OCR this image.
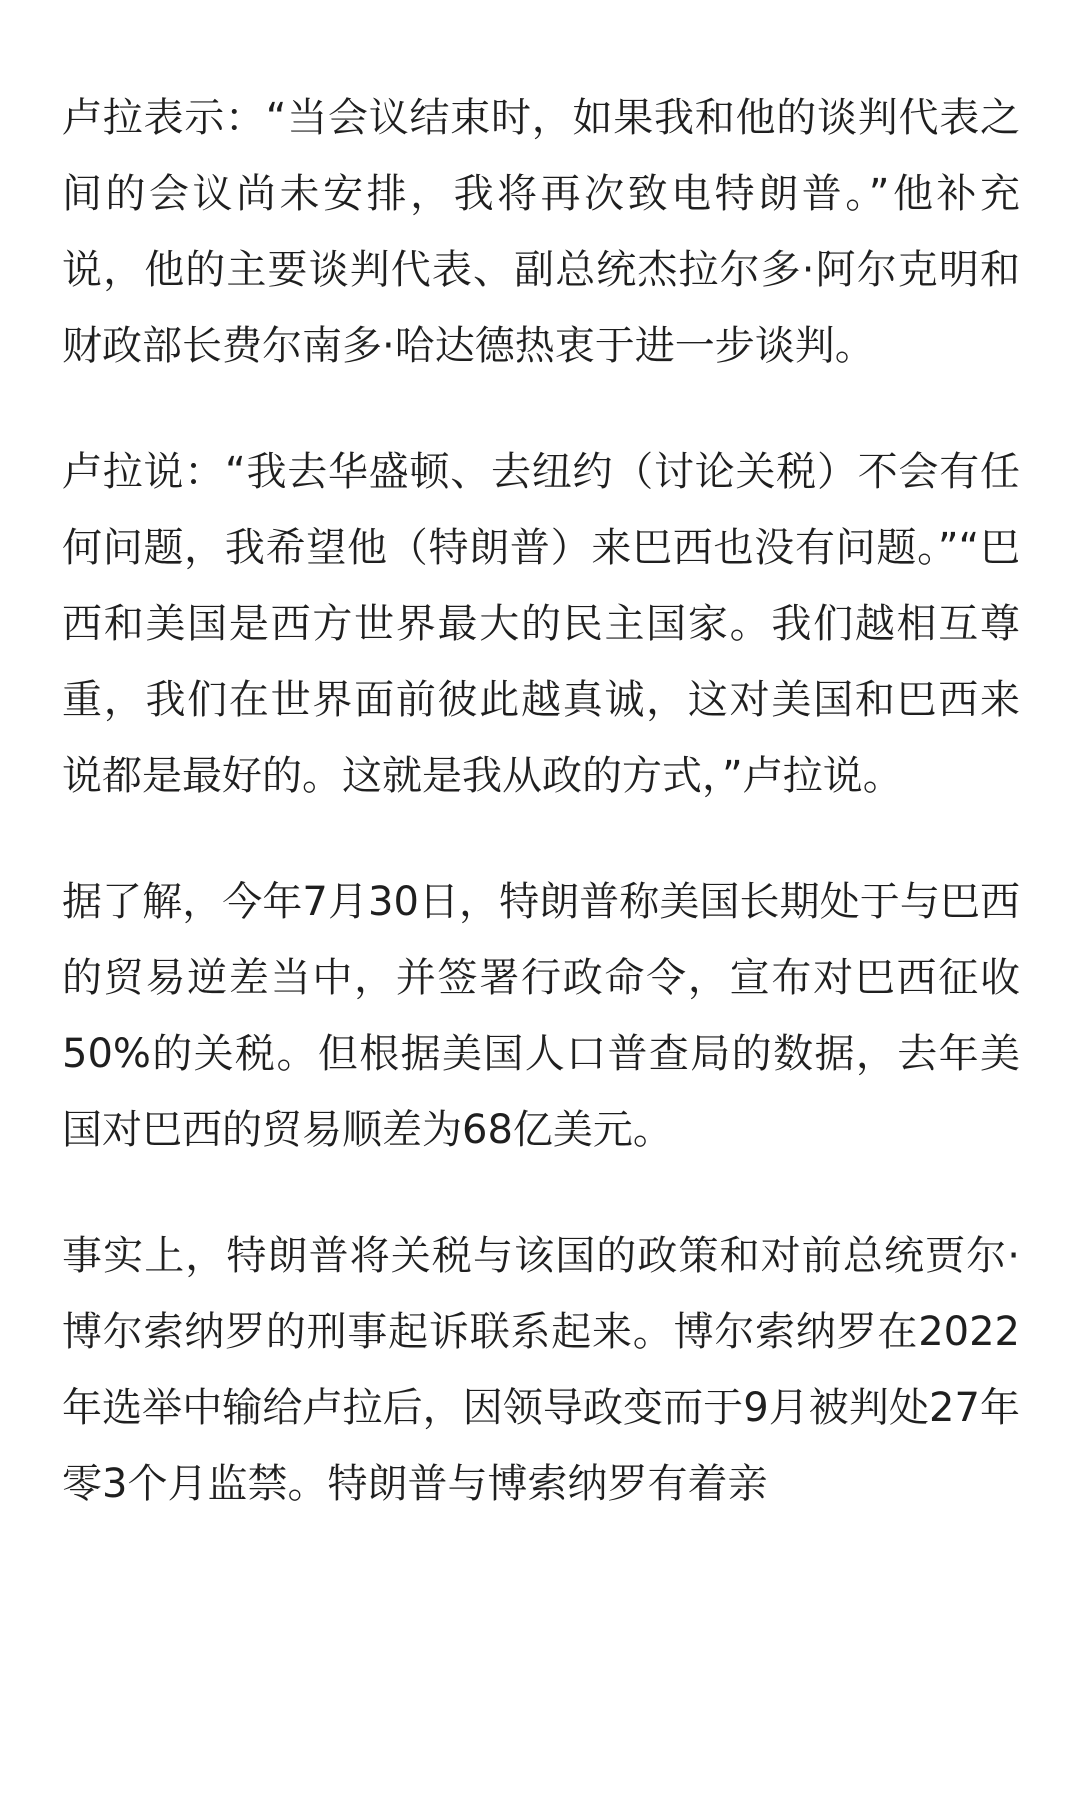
卢拉表示：“当会议结束时，如果我和他的谈判代表之间的会议尚未安排，我将再次致电特朗普。”他补充说，他的主要谈判代表、副总统杰拉尔多·阿尔克明和财政部长费尔南多·哈达德热衷于进一步谈判。

卢拉说：“我去华盛顿、去纽约（讨论关税）不会有任何问题，我希望他（特朗普）来巴西也没有问题。”“巴西和美国是西方世界最大的民主国家。我们越相互尊重，我们在世界面前彼此越真诚，这对美国和巴西来说都是最好的。这就是我从政的方式，”卢拉说。

据了解，今年7月30日，特朗普称美国长期处于与巴西的贸易逆差当中，并签署行政命令，宣布对巴西征收50%的关税。但根据美国人口普查局的数据，去年美国对巴西的贸易顺差为68亿美元。

事实上，特朗普将关税与该国的政策和对前总统贾尔·博尔索纳罗的刑事起诉联系起来。博尔索纳罗在2022年选举中输给卢拉后，因领导政变而于9月被判处27年零3个月监禁。特朗普与博索纳罗有着亲
